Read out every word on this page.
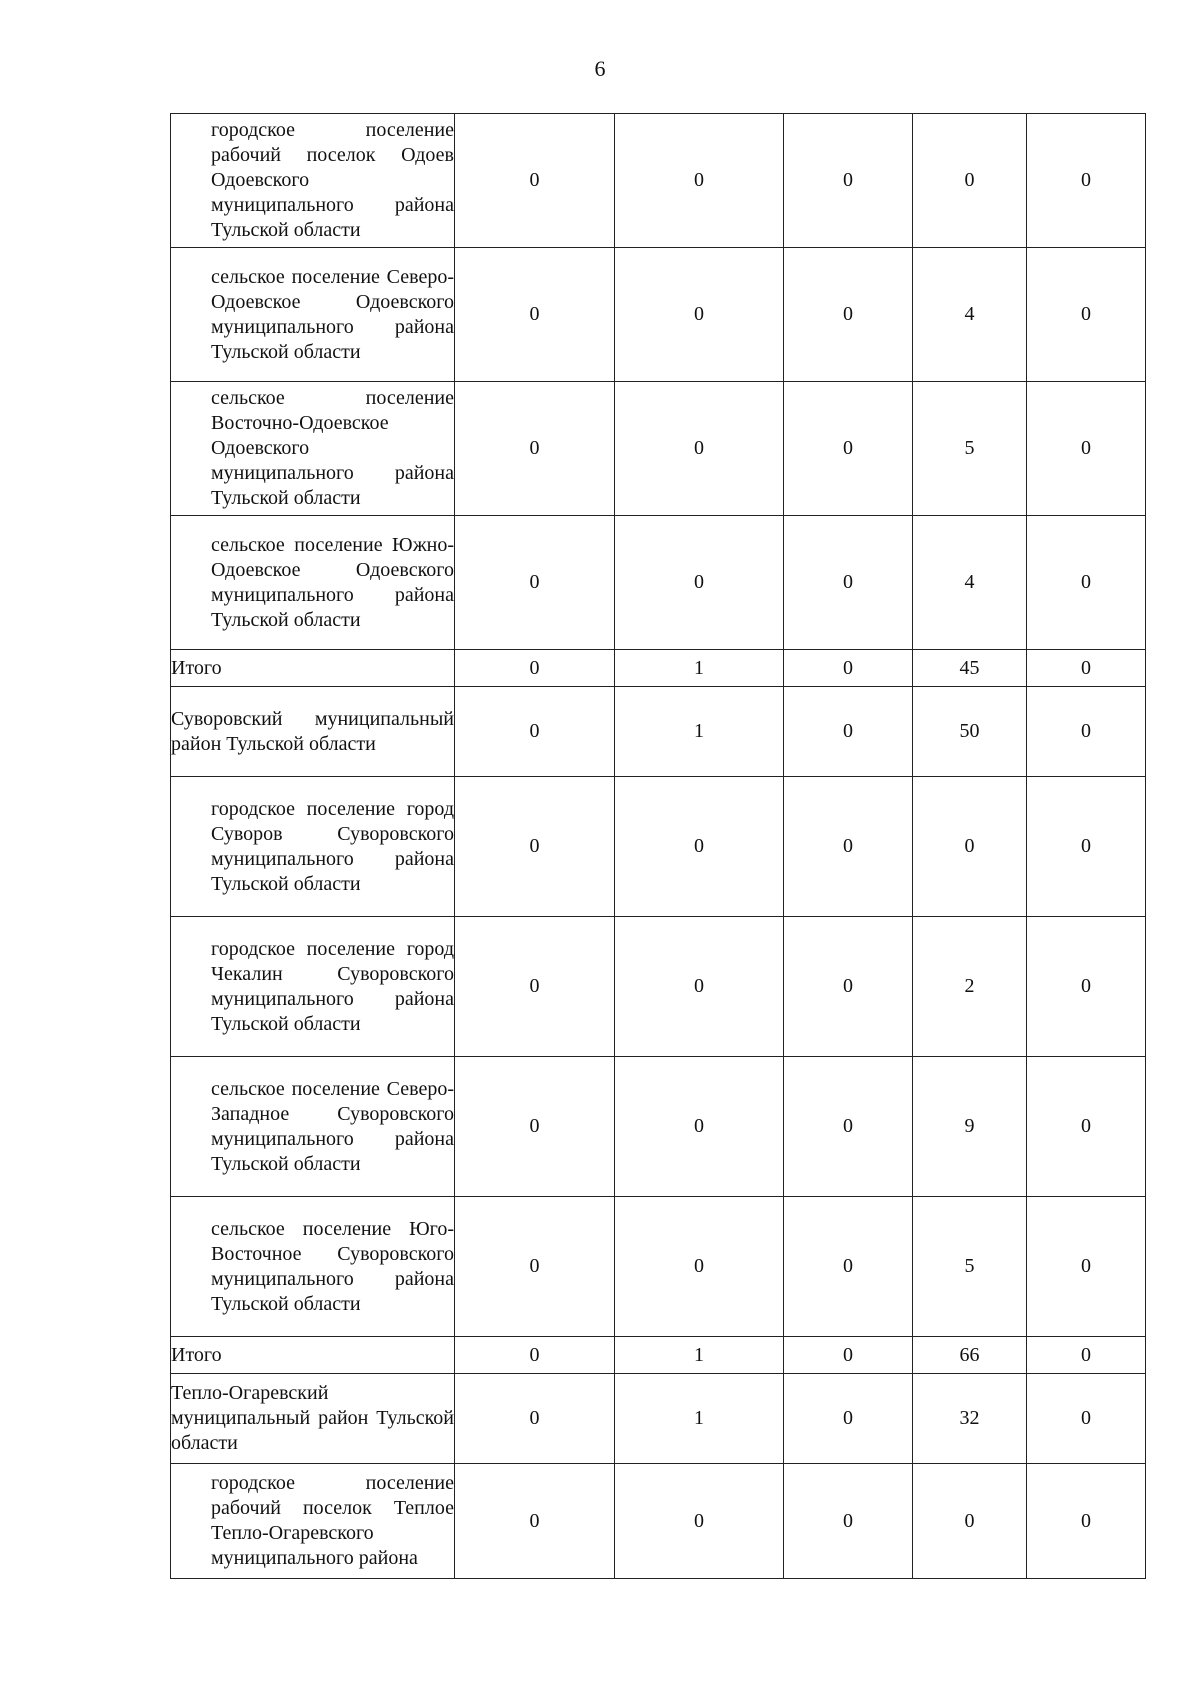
6
городское поселение рабочий поселок Одоев Одоевского муниципального района Тульской области	0	0	0	0	0

сельское поселение Северо-Одоевское Одоевского муниципального района Тульской области	0	0	0	4	0

сельское поселение Восточно-Одоевское Одоевского муниципального района Тульской области	0	0	0	5	0

сельское поселение Южно-Одоевское Одоевского муниципального района Тульской области	0	0	0	4	0

Итого	0	1	0	45	0

Суворовский муниципальный район Тульской области	0	1	0	50	0

городское поселение город Суворов Суворовского муниципального района Тульской области	0	0	0	0	0

городское поселение город Чекалин Суворовского муниципального района Тульской области	0	0	0	2	0

сельское поселение Северо-Западное Суворовского муниципального района Тульской области	0	0	0	9	0

сельское поселение Юго-Восточное Суворовского муниципального района Тульской области	0	0	0	5	0

Итого	0	1	0	66	0

Тепло-Огаревский муниципальный район Тульской области	0	1	0	32	0

городское поселение рабочий поселок Теплое Тепло-Огаревского муниципального района	0	0	0	0	0
